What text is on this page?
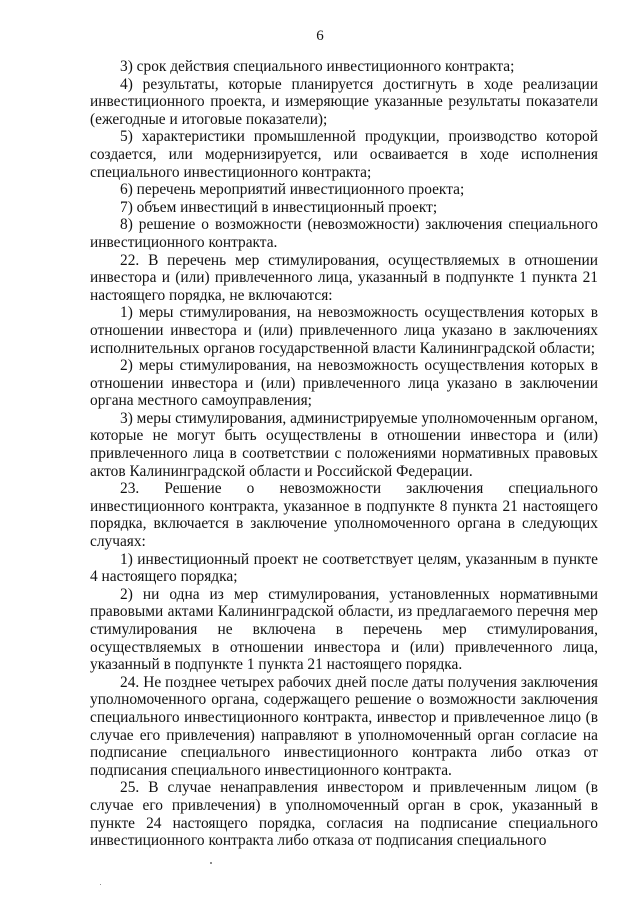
6

3) срок действия специального инвестиционного контракта;

4) результаты, которые планируется достигнуть в ходе реализации инвестиционного проекта, и измеряющие указанные результаты показатели (ежегодные и итоговые показатели);

5) характеристики промышленной продукции, производство которой создается, или модернизируется, или осваивается в ходе исполнения специального инвестиционного контракта;

6) перечень мероприятий инвестиционного проекта;

7) объем инвестиций в инвестиционный проект;

8) решение о возможности (невозможности) заключения специального инвестиционного контракта.

22. В перечень мер стимулирования, осуществляемых в отношении инвестора и (или) привлеченного лица, указанный в подпункте 1 пункта 21 настоящего порядка, не включаются:

1) меры стимулирования, на невозможность осуществления которых в отношении инвестора и (или) привлеченного лица указано в заключениях исполнительных органов государственной власти Калининградской области;

2) меры стимулирования, на невозможность осуществления которых в отношении инвестора и (или) привлеченного лица указано в заключении органа местного самоуправления;

3) меры стимулирования, администрируемые уполномоченным органом, которые не могут быть осуществлены в отношении инвестора и (или) привлеченного лица в соответствии с положениями нормативных правовых актов Калининградской области и Российской Федерации.

23. Решение о невозможности заключения специального инвестиционного контракта, указанное в подпункте 8 пункта 21 настоящего порядка, включается в заключение уполномоченного органа в следующих случаях:

1) инвестиционный проект не соответствует целям, указанным в пункте 4 настоящего порядка;

2) ни одна из мер стимулирования, установленных нормативными правовыми актами Калининградской области, из предлагаемого перечня мер стимулирования не включена в перечень мер стимулирования, осуществляемых в отношении инвестора и (или) привлеченного лица, указанный в подпункте 1 пункта 21 настоящего порядка.

24. Не позднее четырех рабочих дней после даты получения заключения уполномоченного органа, содержащего решение о возможности заключения специального инвестиционного контракта, инвестор и привлеченное лицо (в случае его привлечения) направляют в уполномоченный орган согласие на подписание специального инвестиционного контракта либо отказ от подписания специального инвестиционного контракта.

25. В случае ненаправления инвестором и привлеченным лицом (в случае его привлечения) в уполномоченный орган в срок, указанный в пункте 24 настоящего порядка, согласия на подписание специального инвестиционного контракта либо отказа от подписания специального
